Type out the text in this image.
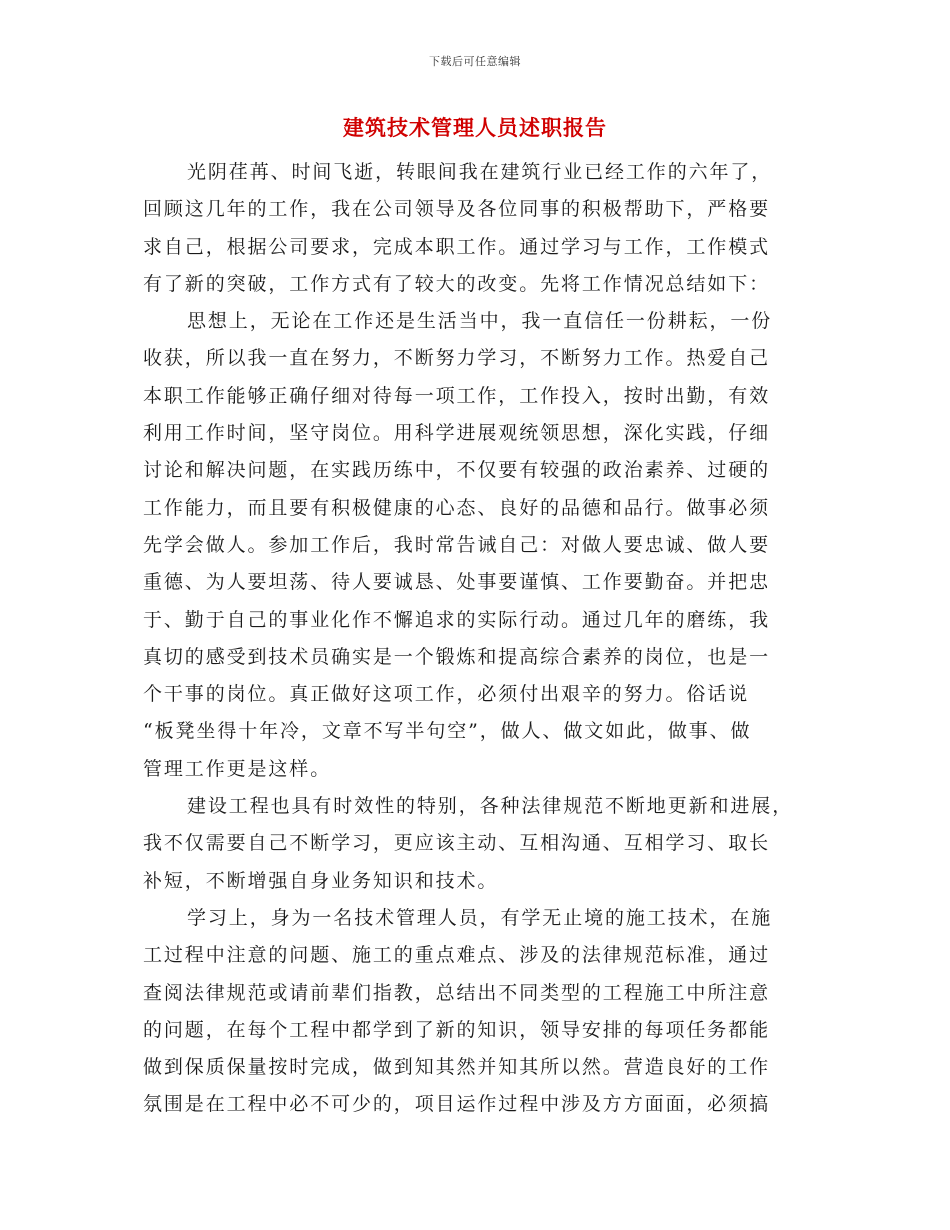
下载后可任意编辑
建筑技术管理人员述职报告
光阴荏苒、时间飞逝，转眼间我在建筑行业已经工作的六年了，
回顾这几年的工作，我在公司领导及各位同事的积极帮助下，严格要
求自己，根据公司要求，完成本职工作。通过学习与工作，工作模式
有了新的突破，工作方式有了较大的改变。先将工作情况总结如下：
思想上，无论在工作还是生活当中，我一直信任一份耕耘，一份
收获，所以我一直在努力，不断努力学习，不断努力工作。热爱自己
本职工作能够正确仔细对待每一项工作，工作投入，按时出勤，有效
利用工作时间，坚守岗位。用科学进展观统领思想，深化实践，仔细
讨论和解决问题，在实践历练中，不仅要有较强的政治素养、过硬的
工作能力，而且要有积极健康的心态、良好的品德和品行。做事必须
先学会做人。参加工作后，我时常告诫自己：对做人要忠诚、做人要
重德、为人要坦荡、待人要诚恳、处事要谨慎、工作要勤奋。并把忠
于、勤于自己的事业化作不懈追求的实际行动。通过几年的磨练，我
真切的感受到技术员确实是一个锻炼和提高综合素养的岗位，也是一
个干事的岗位。真正做好这项工作，必须付出艰辛的努力。俗话说
“板凳坐得十年冷，文章不写半句空”，做人、做文如此，做事、做
管理工作更是这样。
建设工程也具有时效性的特别，各种法律规范不断地更新和进展，
我不仅需要自己不断学习，更应该主动、互相沟通、互相学习、取长
补短，不断增强自身业务知识和技术。
学习上，身为一名技术管理人员，有学无止境的施工技术，在施
工过程中注意的问题、施工的重点难点、涉及的法律规范标准，通过
查阅法律规范或请前辈们指教，总结出不同类型的工程施工中所注意
的问题，在每个工程中都学到了新的知识，领导安排的每项任务都能
做到保质保量按时完成，做到知其然并知其所以然。营造良好的工作
氛围是在工程中必不可少的，项目运作过程中涉及方方面面，必须搞
